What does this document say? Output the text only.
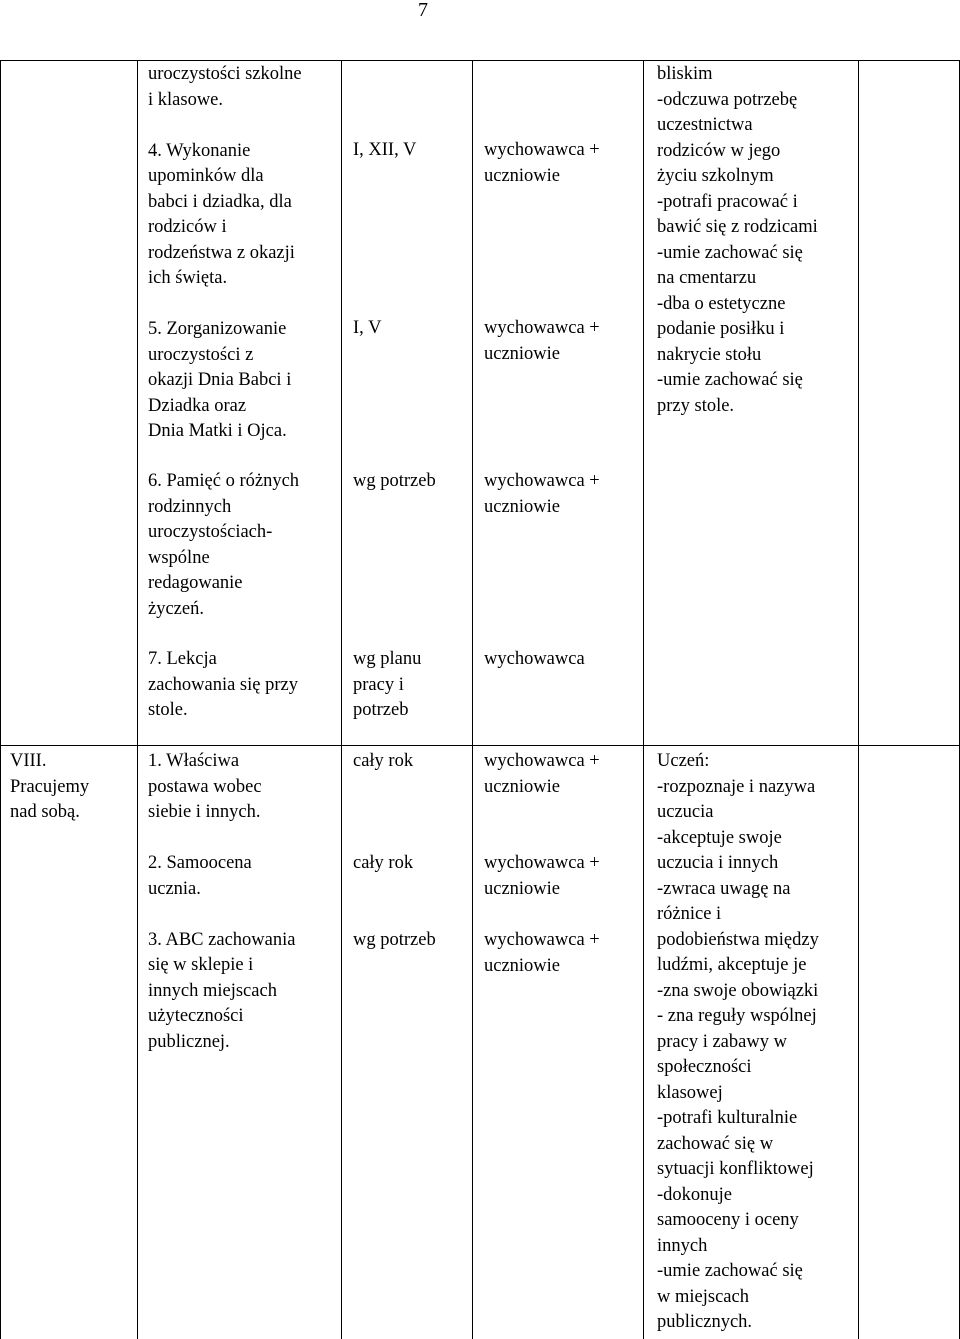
7
uroczystości szkolne
i klasowe.

4. Wykonanie
upominków dla
babci i dziadka, dla
rodziców i
rodzeństwa z okazji
ich święta.

5. Zorganizowanie
uroczystości z
okazji Dnia Babci i
Dziadka oraz
Dnia Matki i Ojca.
I, XII, V
I, V
wychowawca +
uczniowie
wychowawca +
uczniowie
bliskim
-odczuwa potrzebę
uczestnictwa
rodziców w jego
życiu szkolnym
-potrafi pracować i
bawić się z rodzicami
-umie zachować się
na cmentarzu
-dba o estetyczne
podanie posiłku i
nakrycie stołu
-umie zachować się
przy stole.
6. Pamięć o różnych
rodzinnych
uroczystościach-
wspólne
redagowanie
życzeń.
wg potrzeb	wychowawca +
uczniowie
7. Lekcja
zachowania się przy
stole.
wg planu
pracy i
potrzeb
wychowawca
VIII.
Pracujemy
nad sobą.
1. Właściwa
postawa wobec
siebie i innych.

2. Samoocena
ucznia.

3. ABC zachowania
się w sklepie i
innych miejscach
użyteczności
publicznej.
cały rok
cały rok
wg potrzeb
wychowawca +
uczniowie
wychowawca +
uczniowie
wychowawca +
uczniowie
Uczeń:
-rozpoznaje i nazywa
uczucia
-akceptuje swoje
uczucia i innych
-zwraca uwagę na
różnice i
podobieństwa między
ludźmi, akceptuje je
-zna swoje obowiązki
- zna reguły wspólnej
pracy i zabawy w
społeczności
klasowej
-potrafi kulturalnie
zachować się w
sytuacji konfliktowej
-dokonuje
samooceny i oceny
innych
-umie zachować się
w miejscach
publicznych.
